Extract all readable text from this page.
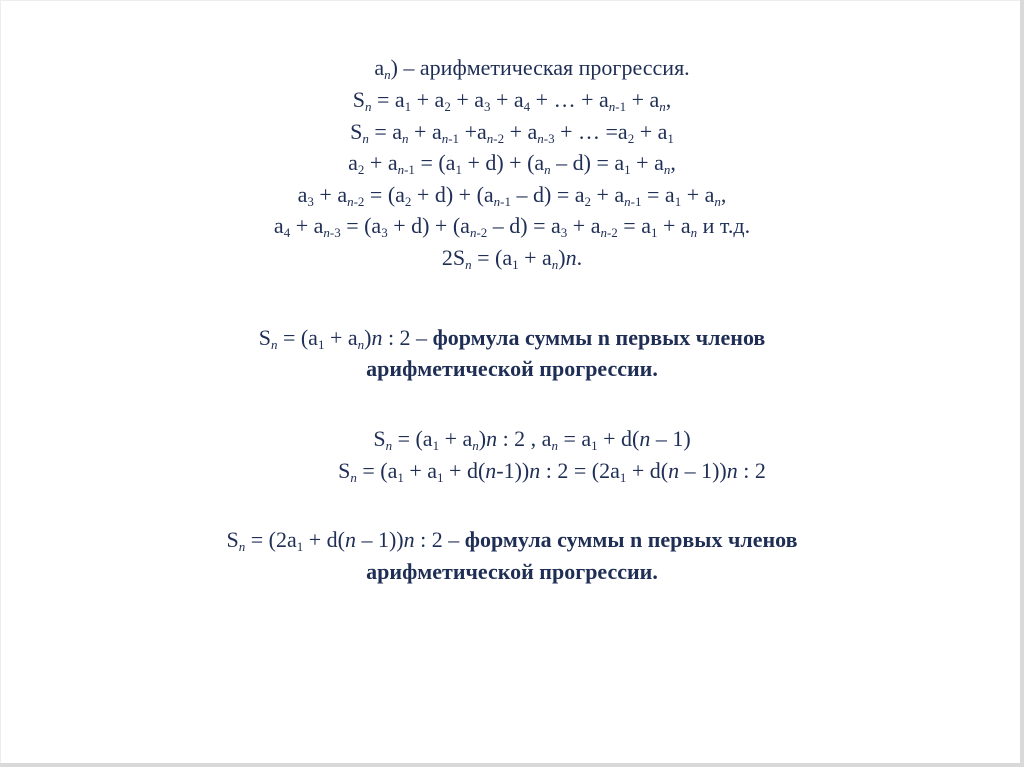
$a_n$) – арифметическая прогрессия.
$S_n = a_1 + a_2 + a_3 + a_4$ + … + $a_{n-1} + a_n$,
$S_n = a_n + a_{n-1} +a_{n-2} + a_{n-3}$ + … $=a_2 + a_1$
$a_2 + a_{n-1} = (a_1 + d) + (a_n - d) = a_1 + a_n$,
$a_3 + a_{n-2} = (a_2 + d) + (a_{n-1} - d) = a_2 + a_{n-1} = a_1 + a_n$,
$a_4 + a_{n-3} = (a_3 + d) + (a_{n-2} - d) = a_3 + a_{n-2} = a_1 + a_n$ и т.д.
$2S_n = (a_1 + a_n)n$.
$S_n = (a_1 + a_n)n$ : 2 – формула суммы n первых членов
арифметической прогрессии.
$S_n = (a_1 + a_n)n$ : 2 , $a_n = a_1 + d(n - 1)$
$S_n = (a_1 + a_1 + d(n-1))n$ : $2 = (2a_1 + d(n - 1))n$ : 2
$S_n = (2a_1 + d(n - 1))n$ : 2 – формула суммы n первых членов
арифметической прогрессии.
